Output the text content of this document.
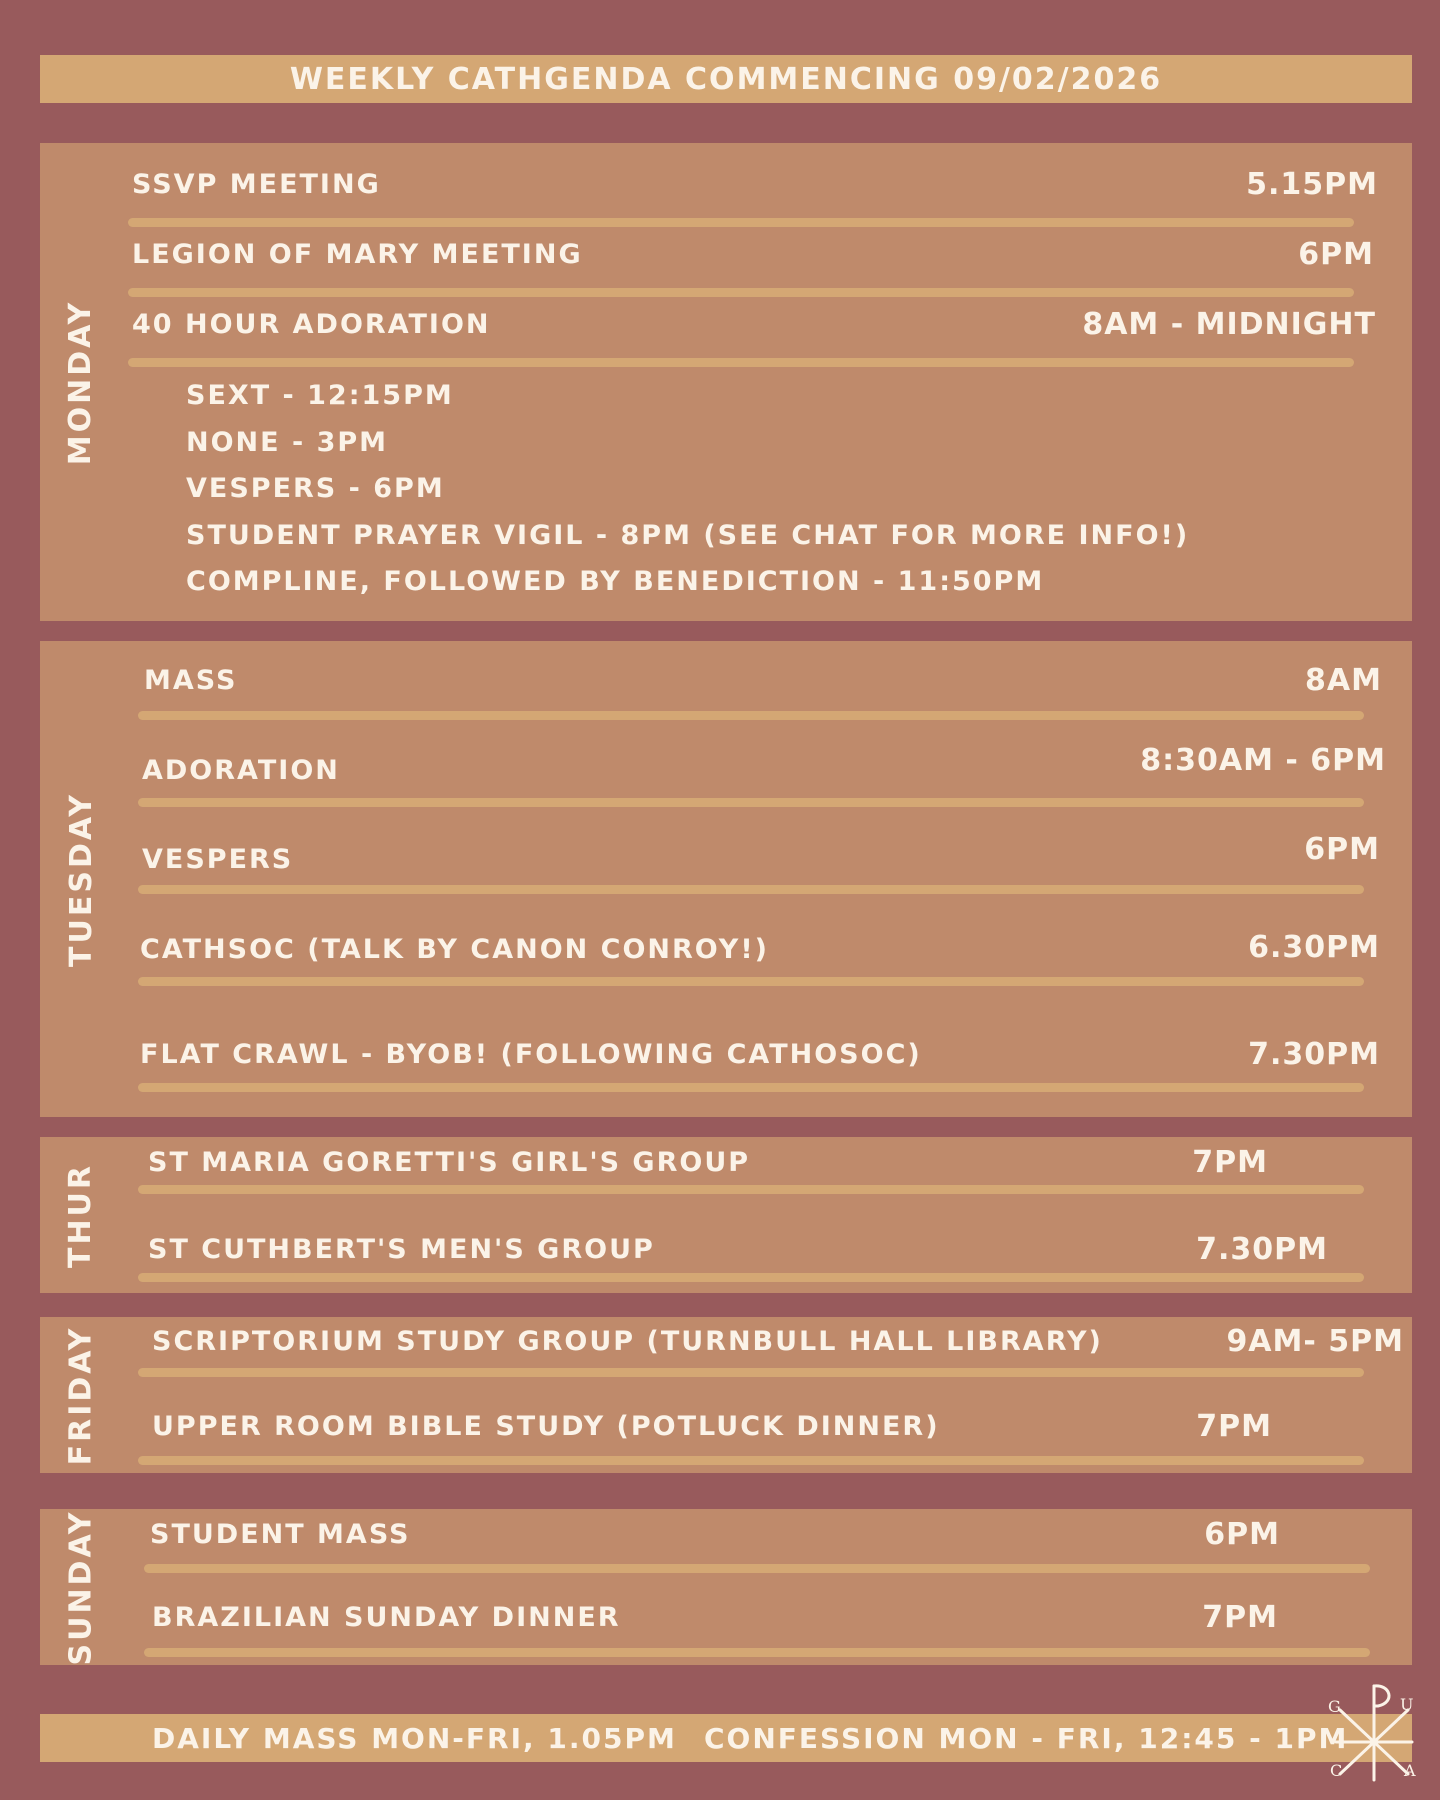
WEEKLY CATHGENDA COMMENCING 09/02/2026
MONDAY
SSVP MEETING	5.15PM
LEGION OF MARY MEETING	6PM
40 HOUR ADORATION	8AM - MIDNIGHT
SEXT - 12:15PM
NONE - 3PM
VESPERS - 6PM
STUDENT PRAYER VIGIL - 8PM (SEE CHAT FOR MORE INFO!)
COMPLINE, FOLLOWED BY BENEDICTION - 11:50PM
TUESDAY
MASS	8AM
ADORATION	8:30AM - 6PM
VESPERS	6PM
CATHSOC (TALK BY CANON CONROY!)	6.30PM
FLAT CRAWL - BYOB! (FOLLOWING CATHOSOC)	7.30PM
THUR ST MARIA GORETTI'S GIRL'S GROUP	7PM
ST CUTHBERT'S MEN'S GROUP	7.30PM
FRIDAY SCRIPTORIUM STUDY GROUP (TURNBULL HALL LIBRARY)	9AM- 5PM
UPPER ROOM BIBLE STUDY (POTLUCK DINNER)	7PM
SUNDAY STUDENT MASS	6PM
BRAZILIAN SUNDAY DINNER	7PM
DAILY MASS MON-FRI, 1.05PM CONFESSION MON - FRI, 12:45 - 1PM
G	U
C	A
